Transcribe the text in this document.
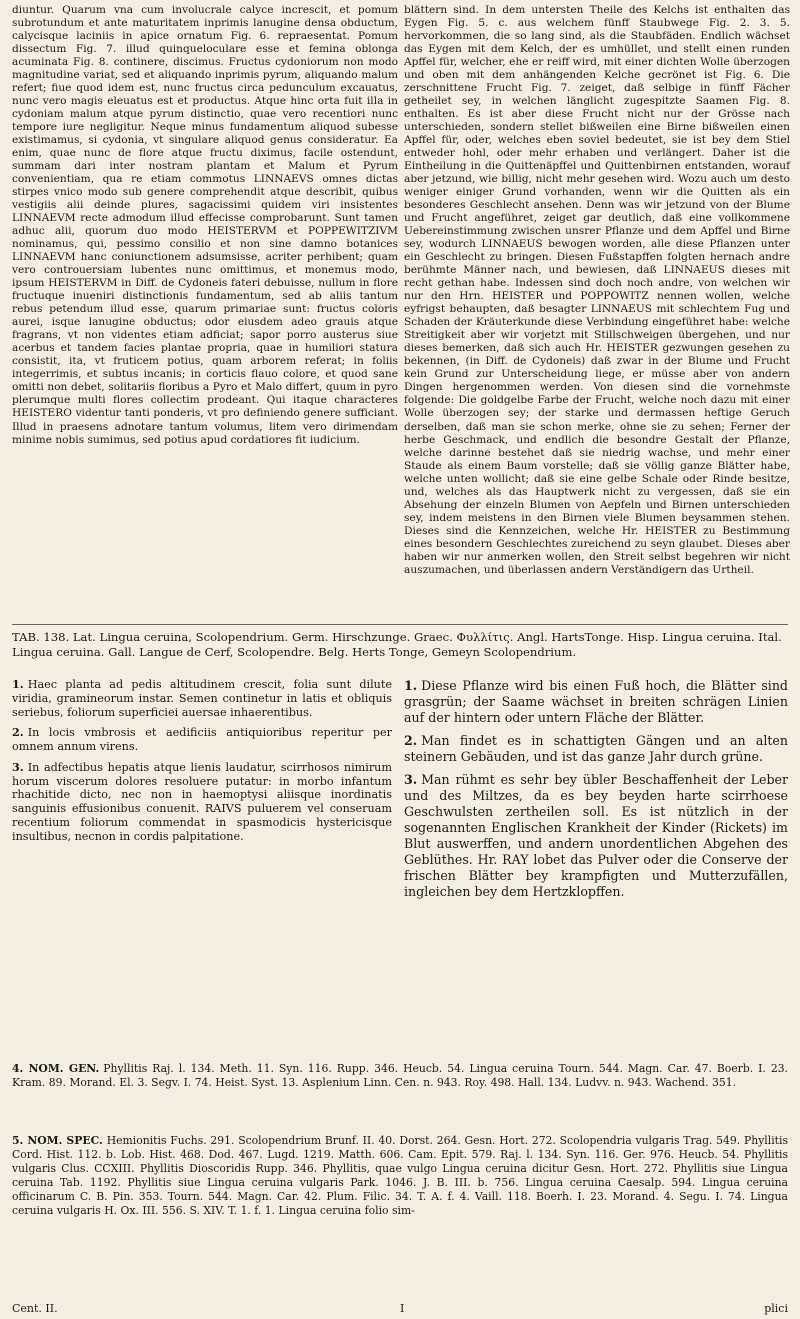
diuntur. Quarum vna cum involucrale calyce increscit, et pomum subrotundum et ante maturitatem inprimis lanugine densa obductum, calycisque laciniis in apice ornatum Fig. 6. repraesentat. Pomum dissectum Fig. 7. illud quinqueloculare esse et femina oblonga acuminata Fig. 8. continere, discimus. Fructus cydoniorum non modo magnitudine variat, sed et aliquando inprimis pyrum, aliquando malum refert; fiue quod idem est, nunc fructus circa pedunculum excauatus, nunc vero magis eleuatus est et productus. Atque hinc orta fuit illa in cydoniam malum atque pyrum distinctio, quae vero recentiori nunc tempore iure negligitur. Neque minus fundamentum aliquod subesse existimamus, si cydonia, vt singulare aliquod genus consideratur. Ea enim, quae nunc de flore atque fructu diximus, facile ostendunt, summam dari inter nostram plantam et Malum et Pyrum convenientiam, qua re etiam commotus LINNAEVS omnes dictas stirpes vnico modo sub genere comprehendit atque describit, quibus vestigiis alii deinde plures, sagacissimi quidem viri insistentes LINNAEVM recte admodum illud effecisse comprobarunt. Sunt tamen adhuc alii, quorum duo modo HEISTERVM et POPPEWITZIVM nominamus, qui, pessimo consilio et non sine damno botanices LINNAEVM hanc coniunctionem adsumsisse, acriter perhibent; quam vero controuersiam lubentes nunc omittimus, et monemus modo, ipsum HEISTERVM in Diff. de Cydoneis fateri debuisse, nullum in flore fructuque inueniri distinctionis fundamentum, sed ab aliis tantum rebus petendum illud esse, quarum primariae sunt: fructus coloris aurei, isque lanugine obductus; odor eiusdem adeo grauis atque fragrans, vt non videntes etiam adficiat; sapor porro austerus siue acerbus et tandem facies plantae propria, quae in humiliori statura consistit, ita, vt fruticem potius, quam arborem referat; in foliis integerrimis, et subtus incanis; in corticis flauo colore, et quod sane omitti non debet, solitariis floribus a Pyro et Malo differt, quum in pyro plerumque multi flores collectim prodeant. Qui itaque characteres HEISTERO videntur tanti ponderis, vt pro definiendo genere sufficiant. Illud in praesens adnotare tantum volumus, litem vero dirimendam minime nobis sumimus, sed potius apud cordatiores fit iudicium.
blättern sind. In dem untersten Theile des Kelchs ist enthalten das Eygen Fig. 5. c. aus welchem fünff Staubwege Fig. 2. 3. 5. hervorkommen, die so lang sind, als die Staubfäden. Endlich wächset das Eygen mit dem Kelch, der es umhüllet, und stellt einen runden Apffel für, welcher, ehe er reiff wird, mit einer dichten Wolle überzogen und oben mit dem anhängenden Kelche gecrönet ist Fig. 6. Die zerschnittene Frucht Fig. 7. zeiget, daß selbige in fünff Fächer getheilet sey, in welchen länglicht zugespitzte Saamen Fig. 8. enthalten. Es ist aber diese Frucht nicht nur der Grösse nach unterschieden, sondern stellet bißweilen eine Birne bißweilen einen Apffel für, oder, welches eben soviel bedeutet, sie ist bey dem Stiel entweder hohl, oder mehr erhaben und verlängert. Daher ist die Eintheilung in die Quittenäpffel und Quittenbirnen entstanden, worauf aber jetzund, wie billig, nicht mehr gesehen wird. Wozu auch um desto weniger einiger Grund vorhanden, wenn wir die Quitten als ein besonderes Geschlecht ansehen. Denn was wir jetzund von der Blume und Frucht angeführet, zeiget gar deutlich, daß eine vollkommene Uebereinstimmung zwischen unsrer Pflanze und dem Apffel und Birne sey, wodurch LINNAEUS bewogen worden, alle diese Pflanzen unter ein Geschlecht zu bringen. Diesen Fußstapffen folgten hernach andre berühmte Männer nach, und bewiesen, daß LINNAEUS dieses mit recht gethan habe. Indessen sind doch noch andre, von welchen wir nur den Hrn. HEISTER und POPPOWITZ nennen wollen, welche eyfrigst behaupten, daß besagter LINNAEUS mit schlechtem Fug und Schaden der Kräuterkunde diese Verbindung eingeführet habe: welche Streitigkeit aber wir vorjetzt mit Stillschweigen übergehen, und nur dieses bemerken, daß sich auch Hr. HEISTER gezwungen gesehen zu bekennen, (in Diff. de Cydoneis) daß zwar in der Blume und Frucht kein Grund zur Unterscheidung liege, er müsse aber von andern Dingen hergenommen werden. Von diesen sind die vornehmste folgende: Die goldgelbe Farbe der Frucht, welche noch dazu mit einer Wolle überzogen sey; der starke und dermassen heftige Geruch derselben, daß man sie schon merke, ohne sie zu sehen; Ferner der herbe Geschmack, und endlich die besondre Gestalt der Pflanze, welche darinne bestehet daß sie niedrig wachse, und mehr einer Staude als einem Baum vorstelle; daß sie völlig ganze Blätter habe, welche unten wollicht; daß sie eine gelbe Schale oder Rinde besitze, und, welches als das Hauptwerk nicht zu vergessen, daß sie ein Absehung der einzeln Blumen von Aepfeln und Birnen unterschieden sey, indem meistens in den Birnen viele Blumen beysammen stehen. Dieses sind die Kennzeichen, welche Hr. HEISTER zu Bestimmung eines besondern Geschlechtes zureichend zu seyn glaubet. Dieses aber haben wir nur anmerken wollen, den Streit selbst begehren wir nicht auszumachen, und überlassen andern Verständigern das Urtheil.
TAB. 138. Lat. Lingua ceruina, Scolopendrium. Germ. Hirschzunge. Graec. Φυλλίτις. Angl. HartsTonge. Hisp. Lingua ceruina. Ital. Lingua ceruina. Gall. Langue de Cerf, Scolopendre. Belg. Herts Tonge, Gemeyn Scolopendrium.

1. Haec planta ad pedis altitudinem crescit, folia sunt dilute viridia, gramineorum instar. Semen continetur in latis et obliquis seriebus, foliorum superficiei auersae inhaerentibus.

2. In locis vmbrosis et aedificiis antiquioribus reperitur per omnem annum virens.

3. In adfectibus hepatis atque lienis laudatur, scirrhosos nimirum horum viscerum dolores resoluere putatur: in morbo infantum rhachitide dicto, nec non in haemoptysi aliisque inordinatis sanguinis effusionibus conuenit. RAIVS puluerem vel conseruam recentium foliorum commendat in spasmodicis hystericisque insultibus, necnon in cordis palpitatione.

1. Diese Pflanze wird bis einen Fuß hoch, die Blätter sind grasgrün; der Saame wächset in breiten schrägen Linien auf der hintern oder untern Fläche der Blätter.

2. Man findet es in schattigten Gängen und an alten steinern Gebäuden, und ist das ganze Jahr durch grüne.

3. Man rühmt es sehr bey übler Beschaffenheit der Leber und des Miltzes, da es bey beyden harte scirrhoese Geschwulsten zertheilen soll. Es ist nützlich in der sogenannten Englischen Krankheit der Kinder (Rickets) im Blut auswerffen, und andern unordentlichen Abgehen des Geblüthes. Hr. RAY lobet das Pulver oder die Conserve der frischen Blätter bey krampfigten und Mutterzufällen, ingleichen bey dem Hertzklopffen.

4. NOM. GEN. Phyllitis Raj. l. 134. Meth. 11. Syn. 116. Rupp. 346. Heucb. 54. Lingua ceruina Tourn. 544. Magn. Car. 47. Boerb. I. 23. Kram. 89. Morand. El. 3. Segv. I. 74. Heist. Syst. 13. Asplenium Linn. Cen. n. 943. Roy. 498. Hall. 134. Ludvv. n. 943. Wachend. 351.
5. NOM. SPEC. Hemionitis Fuchs. 291. Scolopendrium Brunf. II. 40. Dorst. 264. Gesn. Hort. 272. Scolopendria vulgaris Trag. 549. Phyllitis Cord. Hist. 112. b. Lob. Hist. 468. Dod. 467. Lugd. 1219. Matth. 606. Cam. Epit. 579. Raj. l. 134. Syn. 116. Ger. 976. Heucb. 54. Phyllitis vulgaris Clus. CCXIII. Phyllitis Dioscoridis Rupp. 346. Phyllitis, quae vulgo Lingua ceruina dicitur Gesn. Hort. 272. Phyllitis siue Lingua ceruina Tab. 1192. Phyllitis siue Lingua ceruina vulgaris Park. 1046. J. B. III. b. 756. Lingua ceruina Caesalp. 594. Lingua ceruina officinarum C. B. Pin. 353. Tourn. 544. Magn. Car. 42. Plum. Filic. 34. T. A. f. 4. Vaill. 118. Boerh. I. 23. Morand. 4. Segu. I. 74. Lingua ceruina vulgaris H. Ox. III. 556. S. XIV. T. 1. f. 1. Lingua ceruina folio sim-
Cent. II.	I	plici
